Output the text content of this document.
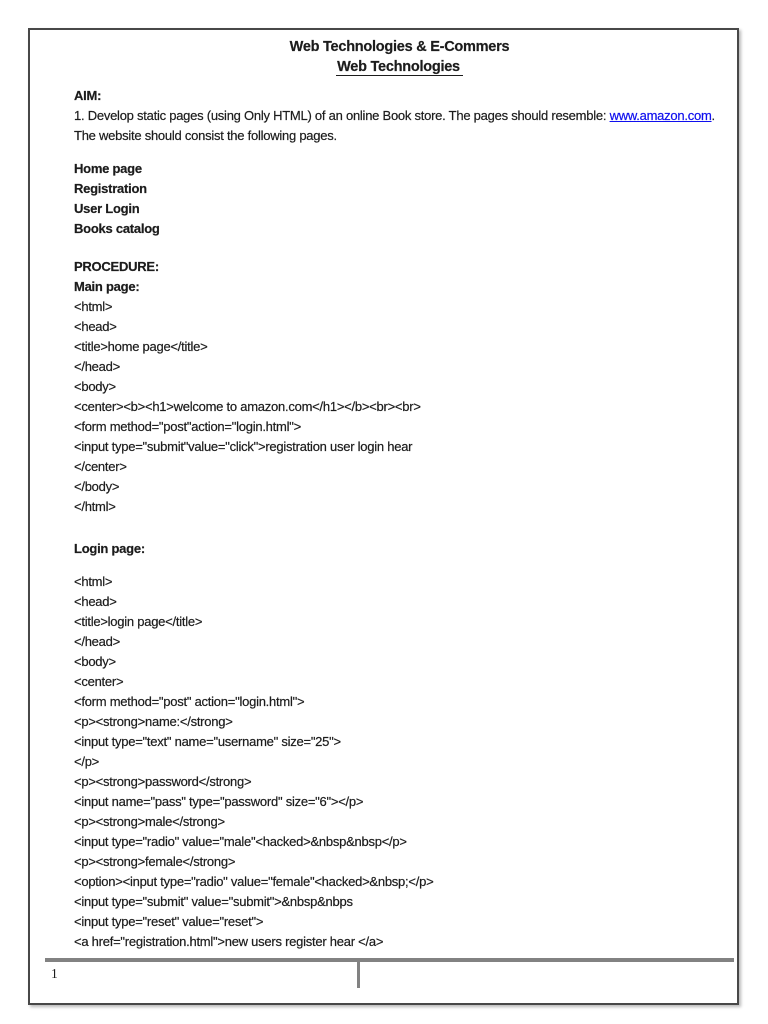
Web Technologies & E-Commers
Web Technologies
AIM:
1. Develop static pages (using Only HTML) of an online Book store. The pages should resemble: www.amazon.com.
The website should consist the following pages.
Home page
Registration
User Login
Books catalog
PROCEDURE:
Main page:
<html>
<head>
<title>home page</title>
</head>
<body>
<center><b><h1>welcome to amazon.com</h1></b><br><br>
<form method="post"action="login.html">
<input type="submit"value="click">registration user login hear
</center>
</body>
</html>
Login page:
<html>
<head>
<title>login page</title>
</head>
<body>
<center>
<form method="post" action="login.html">
<p><strong>name:</strong>
<input type="text" name="username" size="25">
</p>
<p><strong>password</strong>
<input name="pass" type="password" size="6"></p>
<p><strong>male</strong>
<input type="radio" value="male"<hacked>&nbsp&nbsp</p>
<p><strong>female</strong>
<option><input type="radio" value="female"<hacked>&nbsp;</p>
<input type="submit" value="submit">&nbsp&nbps
<input type="reset" value="reset">
<a href="registration.html">new users register hear </a>
1
